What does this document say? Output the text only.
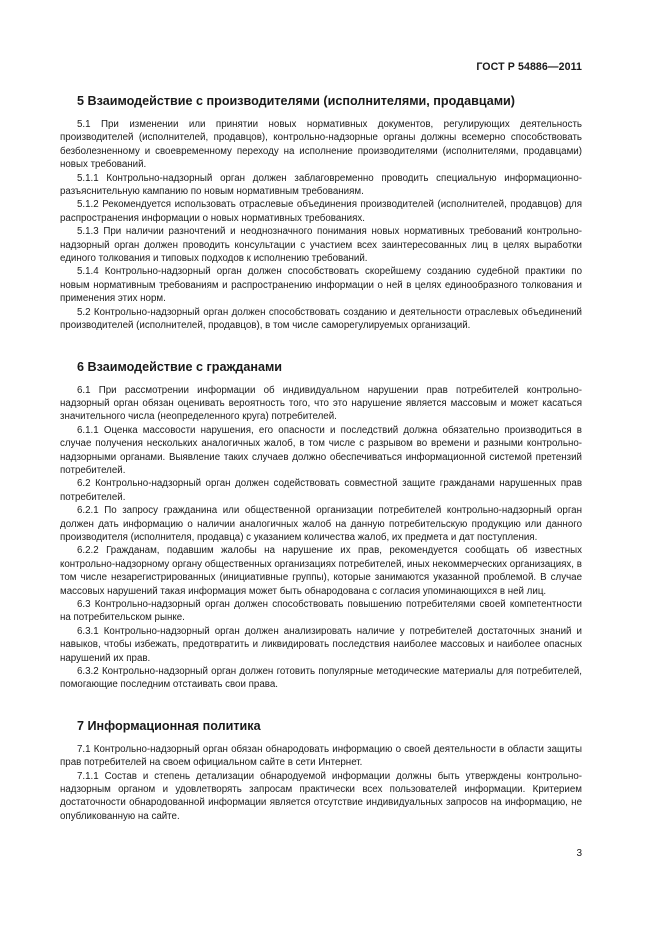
ГОСТ Р 54886—2011
5 Взаимодействие с производителями (исполнителями, продавцами)

5.1 При изменении или принятии новых нормативных документов, регулирующих деятельность производителей (исполнителей, продавцов), контрольно-надзорные органы должны всемерно способствовать безболезненному и своевременному переходу на исполнение производителями (исполнителями, продавцами) новых требований.

5.1.1 Контрольно-надзорный орган должен заблаговременно проводить специальную информационно-разъяснительную кампанию по новым нормативным требованиям.

5.1.2 Рекомендуется использовать отраслевые объединения производителей (исполнителей, продавцов) для распространения информации о новых нормативных требованиях.

5.1.3 При наличии разночтений и неоднозначного понимания новых нормативных требований контрольно-надзорный орган должен проводить консультации с участием всех заинтересованных лиц в целях выработки единого толкования и типовых подходов к исполнению требований.

5.1.4 Контрольно-надзорный орган должен способствовать скорейшему созданию судебной практики по новым нормативным требованиям и распространению информации о ней в целях единообразного толкования и применения этих норм.

5.2 Контрольно-надзорный орган должен способствовать созданию и деятельности отраслевых объединений производителей (исполнителей, продавцов), в том числе саморегулируемых организаций.

6 Взаимодействие с гражданами

6.1 При рассмотрении информации об индивидуальном нарушении прав потребителей контрольно-надзорный орган обязан оценивать вероятность того, что это нарушение является массовым и может касаться значительного числа (неопределенного круга) потребителей.

6.1.1 Оценка массовости нарушения, его опасности и последствий должна обязательно производиться в случае получения нескольких аналогичных жалоб, в том числе с разрывом во времени и разными контрольно-надзорными органами. Выявление таких случаев должно обеспечиваться информационной системой претензий потребителей.

6.2 Контрольно-надзорный орган должен содействовать совместной защите гражданами нарушенных прав потребителей.

6.2.1 По запросу гражданина или общественной организации потребителей контрольно-надзорный орган должен дать информацию о наличии аналогичных жалоб на данную потребительскую продукцию или данного производителя (исполнителя, продавца) с указанием количества жалоб, их предмета и дат поступления.

6.2.2 Гражданам, подавшим жалобы на нарушение их прав, рекомендуется сообщать об известных контрольно-надзорному органу общественных организациях потребителей, иных некоммерческих организациях, в том числе незарегистрированных (инициативные группы), которые занимаются указанной проблемой. В случае массовых нарушений такая информация может быть обнародована с согласия упоминающихся в ней лиц.

6.3 Контрольно-надзорный орган должен способствовать повышению потребителями своей компетентности на потребительском рынке.

6.3.1 Контрольно-надзорный орган должен анализировать наличие у потребителей достаточных знаний и навыков, чтобы избежать, предотвратить и ликвидировать последствия наиболее массовых и наиболее опасных нарушений их прав.

6.3.2 Контрольно-надзорный орган должен готовить популярные методические материалы для потребителей, помогающие последним отстаивать свои права.

7 Информационная политика

7.1 Контрольно-надзорный орган обязан обнародовать информацию о своей деятельности в области защиты прав потребителей на своем официальном сайте в сети Интернет.

7.1.1 Состав и степень детализации обнародуемой информации должны быть утверждены контрольно-надзорным органом и удовлетворять запросам практически всех пользователей информации. Критерием достаточности обнародованной информации является отсутствие индивидуальных запросов на информацию, не опубликованную на сайте.

3
